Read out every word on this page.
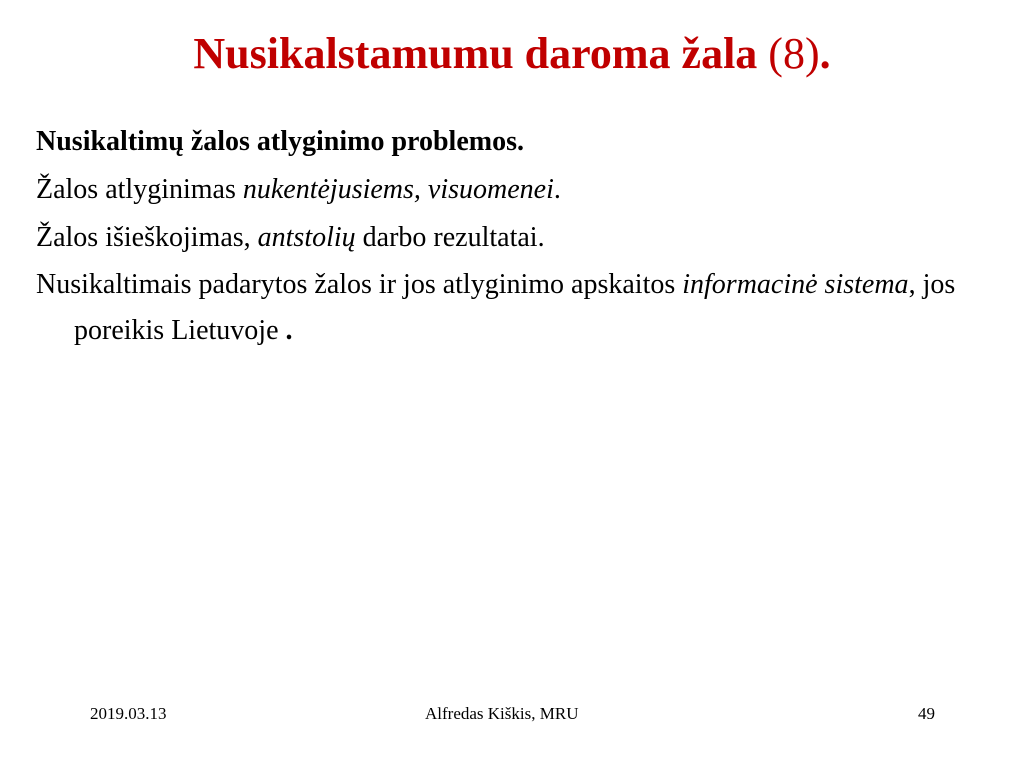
Nusikalstamumu daroma žala (8).

Nusikaltimų žalos atlyginimo problemos.

Žalos atlyginimas nukentėjusiems, visuomenei.

Žalos išieškojimas, antstolių darbo rezultatai.

Nusikaltimais padarytos žalos ir jos atlyginimo apskaitos informacinė sistema, jos poreikis Lietuvoje .

2019.03.13	Alfredas Kiškis, MRU	49
